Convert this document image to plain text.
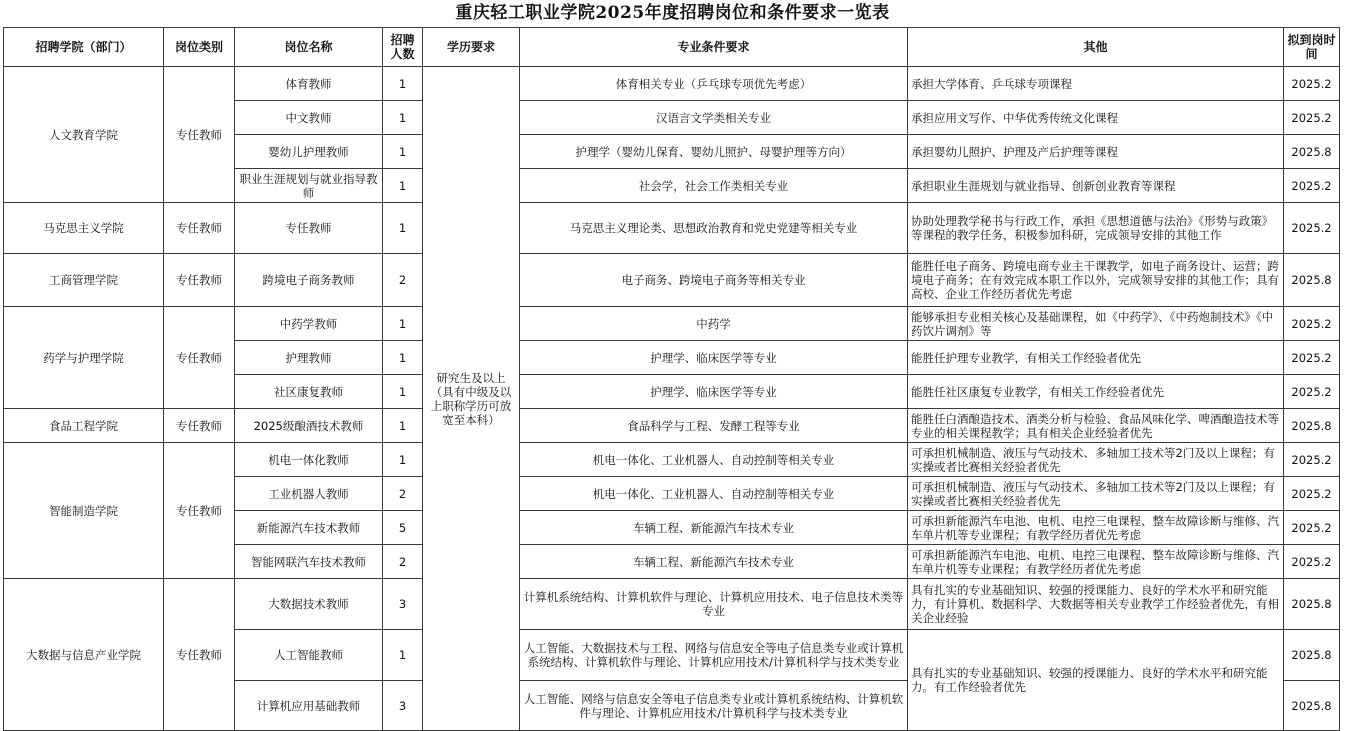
重庆轻工职业学院2025年度招聘岗位和条件要求一览表
招聘学院（部门）	岗位类别	岗位名称	招聘人数	学历要求	专业条件要求	其他	拟到岗时间
人文教育学院	专任教师	体育教师	1	研究生及以上（具有中级及以上职称学历可放宽至本科）	体育相关专业（乒乓球专项优先考虑）	承担大学体育、乒乓球专项课程	2025.2
		中文教师	1		汉语言文学类相关专业	承担应用文写作、中华优秀传统文化课程	2025.2
		婴幼儿护理教师	1		护理学（婴幼儿保育、婴幼儿照护、母婴护理等方向）	承担婴幼儿照护、护理及产后护理等课程	2025.8
		职业生涯规划与就业指导教师	1		社会学，社会工作类相关专业	承担职业生涯规划与就业指导、创新创业教育等课程	2025.2
马克思主义学院	专任教师	专任教师	1		马克思主义理论类、思想政治教育和党史党建等相关专业	协助处理教学秘书与行政工作，承担《思想道德与法治》《形势与政策》等课程的教学任务，积极参加科研，完成领导安排的其他工作	2025.2
工商管理学院	专任教师	跨境电子商务教师	2		电子商务、跨境电子商务等相关专业	能胜任电子商务、跨境电商专业主干课教学，如电子商务设计、运营；跨境电子商务；在有效完成本职工作以外，完成领导安排的其他工作；具有高校、企业工作经历者优先考虑	2025.8
药学与护理学院	专任教师	中药学教师	1		中药学	能够承担专业相关核心及基础课程，如《中药学》、《中药炮制技术》《中药饮片调剂》等	2025.2
		护理教师	1		护理学、临床医学等专业	能胜任护理专业教学，有相关工作经验者优先	2025.2
		社区康复教师	1		护理学、临床医学等专业	能胜任社区康复专业教学，有相关工作经验者优先	2025.2
食品工程学院	专任教师	2025级酿酒技术教师	1		食品科学与工程、发酵工程等专业	能胜任白酒酿造技术、酒类分析与检验、食品风味化学、啤酒酿造技术等专业的相关课程教学；具有相关企业经验者优先	2025.8
智能制造学院	专任教师	机电一体化教师	1		机电一体化、工业机器人、自动控制等相关专业	可承担机械制造、液压与气动技术、多轴加工技术等2门及以上课程；有实操或者比赛相关经验者优先	2025.2
		工业机器人教师	2		机电一体化、工业机器人、自动控制等相关专业	可承担机械制造、液压与气动技术、多轴加工技术等2门及以上课程；有实操或者比赛相关经验者优先	2025.2
		新能源汽车技术教师	5		车辆工程、新能源汽车技术专业	可承担新能源汽车电池、电机、电控三电课程、整车故障诊断与维修、汽车单片机等专业课程；有教学经历者优先考虑	2025.2
		智能网联汽车技术教师	2		车辆工程、新能源汽车技术专业	可承担新能源汽车电池、电机、电控三电课程、整车故障诊断与维修、汽车单片机等专业课程；有教学经历者优先考虑	2025.2
大数据与信息产业学院	专任教师	大数据技术教师	3		计算机系统结构、计算机软件与理论、计算机应用技术、电子信息技术类等专业	具有扎实的专业基础知识、较强的授课能力、良好的学术水平和研究能力，有计算机、数据科学、大数据等相关专业教学工作经验者优先，有相关企业经验	2025.8
		人工智能教师	1		人工智能、大数据技术与工程、网络与信息安全等电子信息类专业或计算机系统结构、计算机软件与理论、计算机应用技术/计算机科学与技术类专业	具有扎实的专业基础知识、较强的授课能力、良好的学术水平和研究能力。有工作经验者优先	2025.8
		计算机应用基础教师	3		人工智能、网络与信息安全等电子信息类专业或计算机系统结构、计算机软件与理论、计算机应用技术/计算机科学与技术类专业		2025.8
